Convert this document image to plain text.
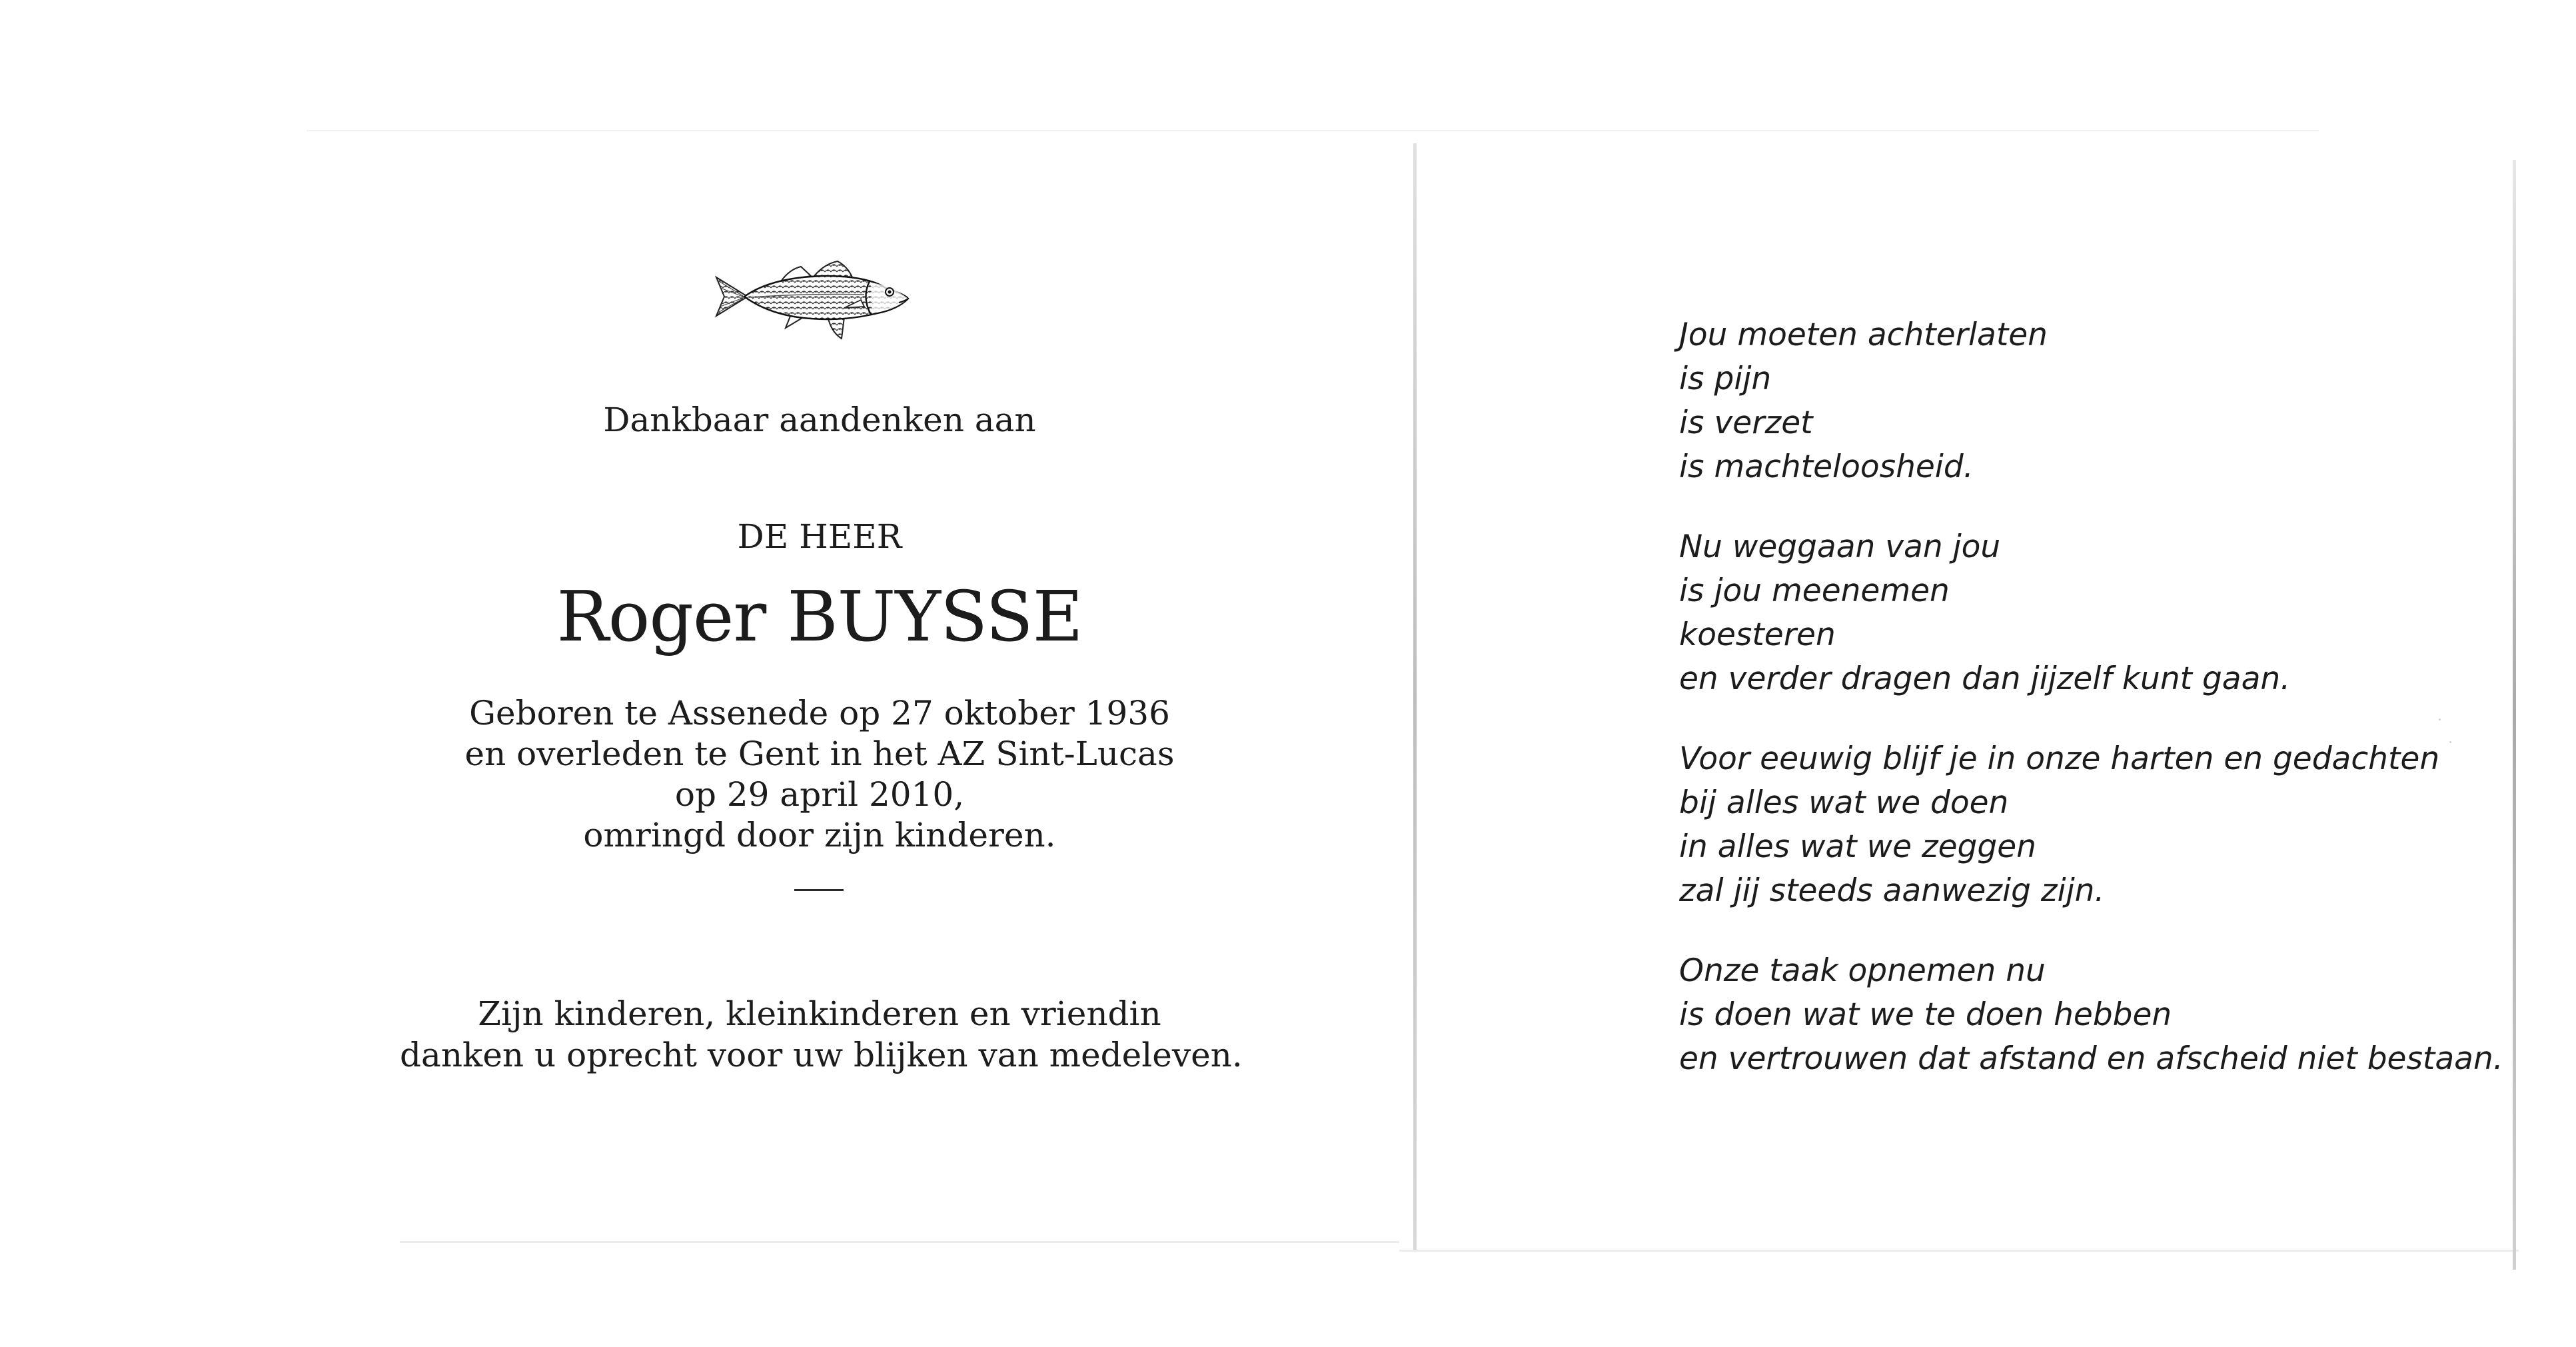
Dankbaar aandenken aan
DE HEER
Roger BUYSSE
Geboren te Assenede op 27 oktober 1936
en overleden te Gent in het AZ Sint-Lucas
op 29 april 2010,
omringd door zijn kinderen.
Zijn kinderen, kleinkinderen en vriendin
danken u oprecht voor uw blijken van medeleven.
Jou moeten achterlaten
is pijn
is verzet
is machteloosheid.
Nu weggaan van jou
is jou meenemen
koesteren
en verder dragen dan jijzelf kunt gaan.
Voor eeuwig blijf je in onze harten en gedachten
bij alles wat we doen
in alles wat we zeggen
zal jij steeds aanwezig zijn.
Onze taak opnemen nu
is doen wat we te doen hebben
en vertrouwen dat afstand en afscheid niet bestaan.
